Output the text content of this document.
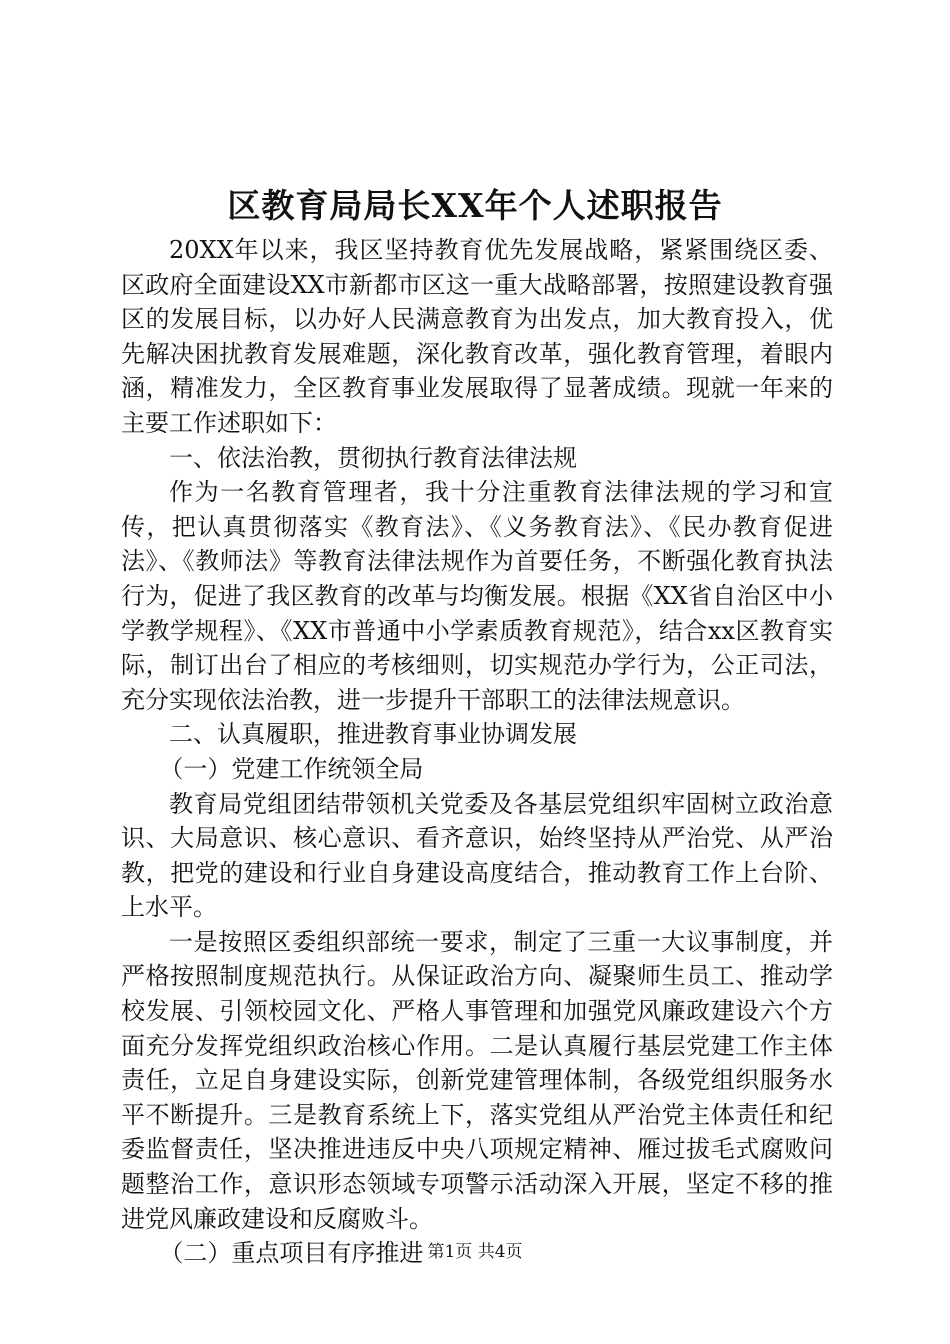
区教育局局长XX年个人述职报告

20XX年以来，我区坚持教育优先发展战略，紧紧围绕区委、区政府全面建设XX市新都市区这一重大战略部署，按照建设教育强区的发展目标，以办好人民满意教育为出发点，加大教育投入，优先解决困扰教育发展难题，深化教育改革，强化教育管理，着眼内涵，精准发力，全区教育事业发展取得了显著成绩。现就一年来的主要工作述职如下：

一、依法治教，贯彻执行教育法律法规

作为一名教育管理者，我十分注重教育法律法规的学习和宣传，把认真贯彻落实《教育法》、《义务教育法》、《民办教育促进法》、《教师法》等教育法律法规作为首要任务，不断强化教育执法行为，促进了我区教育的改革与均衡发展。根据《XX省自治区中小学教学规程》、《XX市普通中小学素质教育规范》，结合xx区教育实际，制订出台了相应的考核细则，切实规范办学行为，公正司法，充分实现依法治教，进一步提升干部职工的法律法规意识。

二、认真履职，推进教育事业协调发展

（一）党建工作统领全局

教育局党组团结带领机关党委及各基层党组织牢固树立政治意识、大局意识、核心意识、看齐意识，始终坚持从严治党、从严治教，把党的建设和行业自身建设高度结合，推动教育工作上台阶、上水平。

一是按照区委组织部统一要求，制定了三重一大议事制度，并严格按照制度规范执行。从保证政治方向、凝聚师生员工、推动学校发展、引领校园文化、严格人事管理和加强党风廉政建设六个方面充分发挥党组织政治核心作用。二是认真履行基层党建工作主体责任，立足自身建设实际，创新党建管理体制，各级党组织服务水平不断提升。三是教育系统上下，落实党组从严治党主体责任和纪委监督责任，坚决推进违反中央八项规定精神、雁过拔毛式腐败问题整治工作，意识形态领域专项警示活动深入开展，坚定不移的推进党风廉政建设和反腐败斗。

（二）重点项目有序推进 第1页 共4页
